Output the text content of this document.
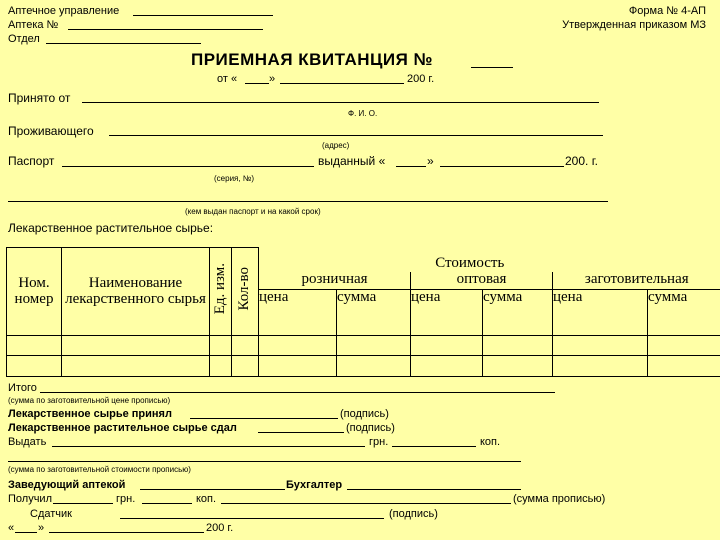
Аптечное управление
Аптека №
Отдел
Форма № 4-АП
Утвержденная приказом МЗ
ПРИЕМНАЯ КВИТАНЦИЯ №
от «	»	200 г.
Принято от
Ф. И. О.
Проживающего
(адрес)
Паспорт	выданный «	»	200. г.
(серия, №)
(кем выдан паспорт и на какой срок)
Лекарственное растительное сырье:
Ном. номер	Наименование лекарственного сырья	Ед. изм.	Кол-во	Стоимость					
				розничная		оптовая		заготовительная	
				цена	сумма	цена	сумма	цена	сумма

Итого
(сумма по заготовительной цене прописью)
Лекарственное сырье принял	(подпись)
Лекарственное растительное сырье сдал	(подпись)
Выдать	грн.	коп.
(сумма по заготовительной стоимости прописью)
Заведующий аптекой	Бухгалтер
Получил	грн.	коп.	(сумма прописью)
Сдатчик	(подпись)
« »	200 г.
